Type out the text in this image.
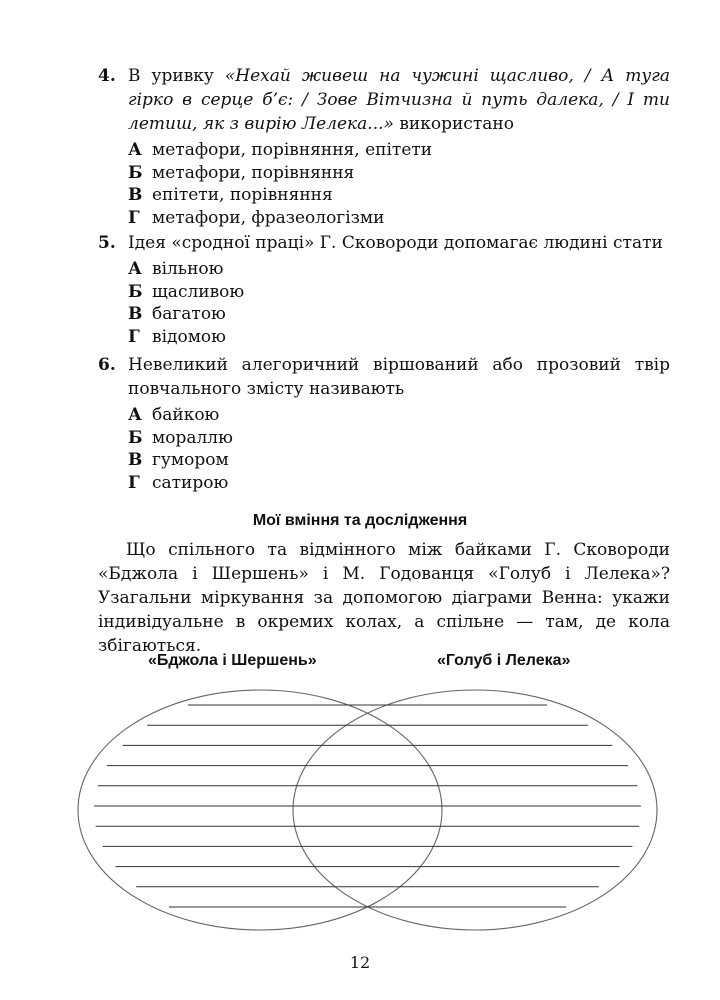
4. В уривку «Нехай живеш на чужині щасливо, / А туга гірко в серце б’є: / Зове Вітчизна й путь далека, / І ти летиш, як з вирію Лелека...» використано
А метафори, порівняння, епітети
Б метафори, порівняння
В епітети, порівняння
Г метафори, фразеологізми
5. Ідея «сродної праці» Г. Сковороди допомагає людині стати
А вільною
Б щасливою
В багатою
Г відомою
6. Невеликий алегоричний віршований або прозовий твір повчального змісту називають
А байкою
Б мораллю
В гумором
Г сатирою
Мої вміння та дослідження

Що спільного та відмінного між байками Г. Сковороди «Бджола і Шершень» і М. Годованця «Голуб і Лелека»? Узагальни міркування за допомогою діаграми Венна: укажи індивідуальне в окремих колах, а спільне — там, де кола збігаються.

«Бджола і Шершень»	«Голуб і Лелека»
12
